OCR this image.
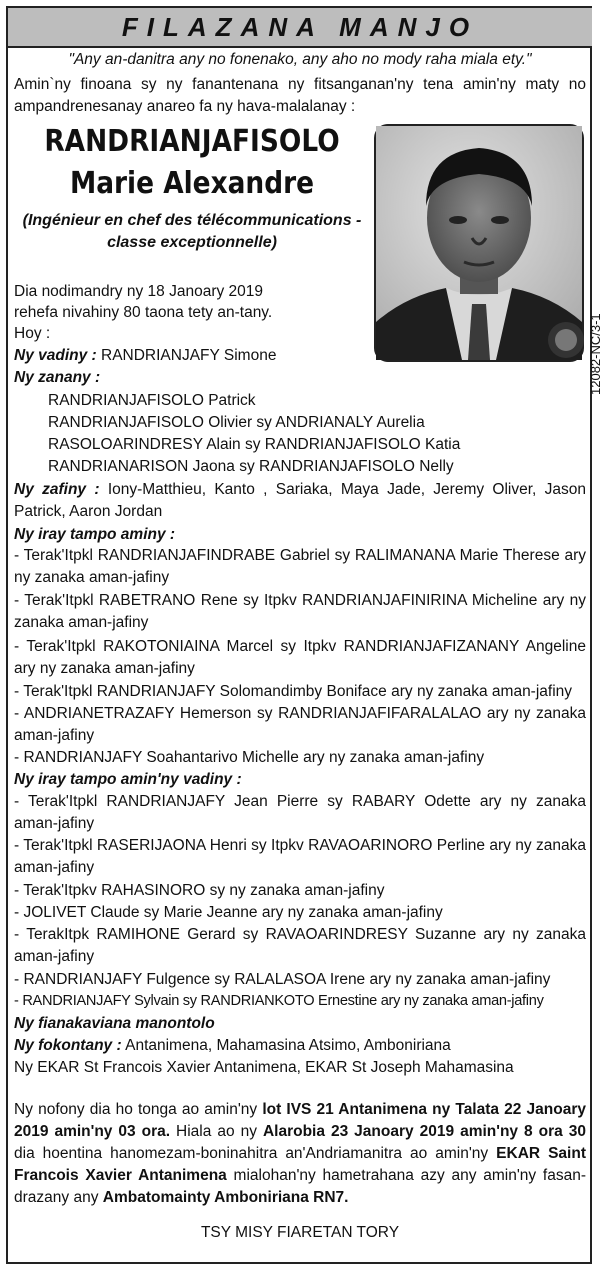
FILAZANA MANJO
"Any an-danitra any no fonenako, any aho no mody raha miala ety."
Amin`ny finoana sy ny fanantenana ny fitsanganan'ny tena amin'ny maty no ampandrenesanay anareo fa ny hava-malalanay :
RANDRIANJAFISOLO
Marie Alexandre
(Ingénieur en chef des télécommunications -
classe exceptionnelle)
12082-NC/3-1
Dia nodimandry ny 18 Janoary 2019
rehefa nivahiny 80 taona tety an-tany.
Hoy :
Ny vadiny : RANDRIANJAFY Simone
Ny zanany :
RANDRIANJAFISOLO Patrick
RANDRIANJAFISOLO Olivier sy ANDRIANALY Aurelia
RASOLOARINDRESY Alain sy RANDRIANJAFISOLO Katia
RANDRIANARISON Jaona sy RANDRIANJAFISOLO Nelly
Ny zafiny : Iony-Matthieu, Kanto , Sariaka, Maya Jade, Jeremy Oliver, Jason Patrick, Aaron Jordan
Ny iray tampo aminy :
- Terak'Itpkl RANDRIANJAFINDRABE Gabriel sy RALIMANANA Marie Therese ary ny zanaka aman-jafiny
- Terak'Itpkl RABETRANO Rene sy Itpkv RANDRIANJAFINIRINA Micheline ary ny zanaka aman-jafiny
- Terak'Itpkl RAKOTONIAINA Marcel sy Itpkv RANDRIANJAFIZANANY Angeline ary ny zanaka aman-jafiny
- Terak'Itpkl RANDRIANJAFY Solomandimby Boniface ary ny zanaka aman-jafiny
- ANDRIANETRAZAFY Hemerson sy RANDRIANJAFIFARALALAO ary ny zanaka aman-jafiny
- RANDRIANJAFY Soahantarivo Michelle ary ny zanaka aman-jafiny
Ny iray tampo amin'ny vadiny :
- Terak'Itpkl RANDRIANJAFY Jean Pierre sy RABARY Odette ary ny zanaka aman-jafiny
- Terak'Itpkl RASERIJAONA Henri sy Itpkv RAVAOARINORO Perline ary ny zanaka aman-jafiny
- Terak'Itpkv RAHASINORO sy ny zanaka aman-jafiny
- JOLIVET Claude sy Marie Jeanne ary ny zanaka aman-jafiny
- TerakItpk RAMIHONE Gerard sy RAVAOARINDRESY Suzanne ary ny zanaka aman-jafiny
- RANDRIANJAFY Fulgence sy RALALASOA Irene ary ny zanaka aman-jafiny
- RANDRIANJAFY Sylvain sy RANDRIANKOTO Ernestine ary ny zanaka aman-jafiny
Ny fianakaviana manontolo
Ny fokontany : Antanimena, Mahamasina Atsimo, Amboniriana
Ny EKAR St Francois Xavier Antanimena, EKAR St Joseph Mahamasina
Ny nofony dia ho tonga ao amin'ny lot IVS 21 Antanimena ny Talata 22 Janoary 2019 amin'ny 03 ora. Hiala ao ny Alarobia 23 Janoary 2019 amin'ny 8 ora 30 dia hoentina hanomezam-boninahitra an'Andriamanitra ao amin'ny EKAR Saint Francois Xavier Antanimena mialohan'ny hametrahana azy any amin'ny fasan-drazany any Ambatomainty Amboniriana RN7.
TSY MISY FIARETAN TORY
